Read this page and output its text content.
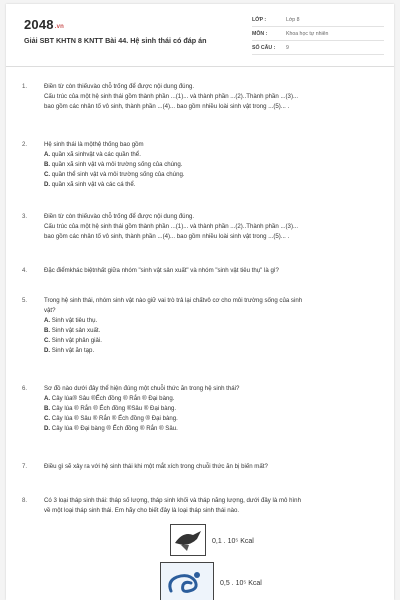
2048.vn
Giải SBT KHTN 8 KNTT Bài 44. Hệ sinh thái có đáp án
LỚP :	Lớp 8
MÔN :	Khoa học tự nhiên
SỐ CÂU :	9
1.	Điền từ còn thiếuvào chỗ trống để được nội dung đúng.

Cấu trúc của một hệ sinh thái gồm thành phần ...(1)... và thành phần ...(2)..Thành phần ...(3)...

bao gồm các nhân tố vô sinh, thành phần ...(4)... bao gồm nhiều loài sinh vật trong ...(5)... .

2.	Hệ sinh thái là mộthệ thống bao gồm

A. quần xã sinhvật và các quần thể.

B. quần xã sinh vật và môi trường sống của chúng.

C. quần thể sinh vật và môi trường sống của chúng.

D. quần xã sinh vật và các cá thể.

3.	Điền từ còn thiếuvào chỗ trống để được nội dung đúng.

Cấu trúc của một hệ sinh thái gồm thành phần ...(1)... và thành phần ...(2)..Thành phần ...(3)...

bao gồm các nhân tố vô sinh, thành phần ...(4)... bao gồm nhiều loài sinh vật trong ...(5)... .

4.	Đặc điểmkhác biệtnhất giữa nhóm "sinh vật sản xuất" và nhóm "sinh vật tiêu thụ" là gì?

5.	Trong hệ sinh thái, nhóm sinh vật nào giữ vai trò trả lại chấtvô cơ cho môi trường sống của sinh

vật?

A. Sinh vật tiêu thụ.

B. Sinh vật sản xuất.

C. Sinh vật phân giải.

D. Sinh vật ăn tạp.

6.	Sơ đồ nào dưới đây thể hiện đúng một chuỗi thức ăn trong hệ sinh thái?

A. Cây lúa® Sâu ®Ếch đồng ® Rắn ® Đại bàng.

B. Cây lúa ® Rắn ® Ếch đồng ®Sâu ® Đại bàng.

C. Cây lúa ® Sâu ® Rắn ® Ếch đồng ® Đại bàng.

D. Cây lúa ® Đại bàng ® Ếch đồng ® Rắn ® Sâu.

7.	Điều gì sẽ xảy ra với hệ sinh thái khi một mắt xích trong chuỗi thức ăn bị biến mất?

8.	Có 3 loại tháp sinh thái: tháp số lượng, tháp sinh khối và tháp năng lượng, dưới đây là mô hình

về một loại tháp sinh thái. Em hãy cho biết đây là loại tháp sinh thái nào.

0,1 . 10⁵ Kcal
0,5 . 10⁵ Kcal
